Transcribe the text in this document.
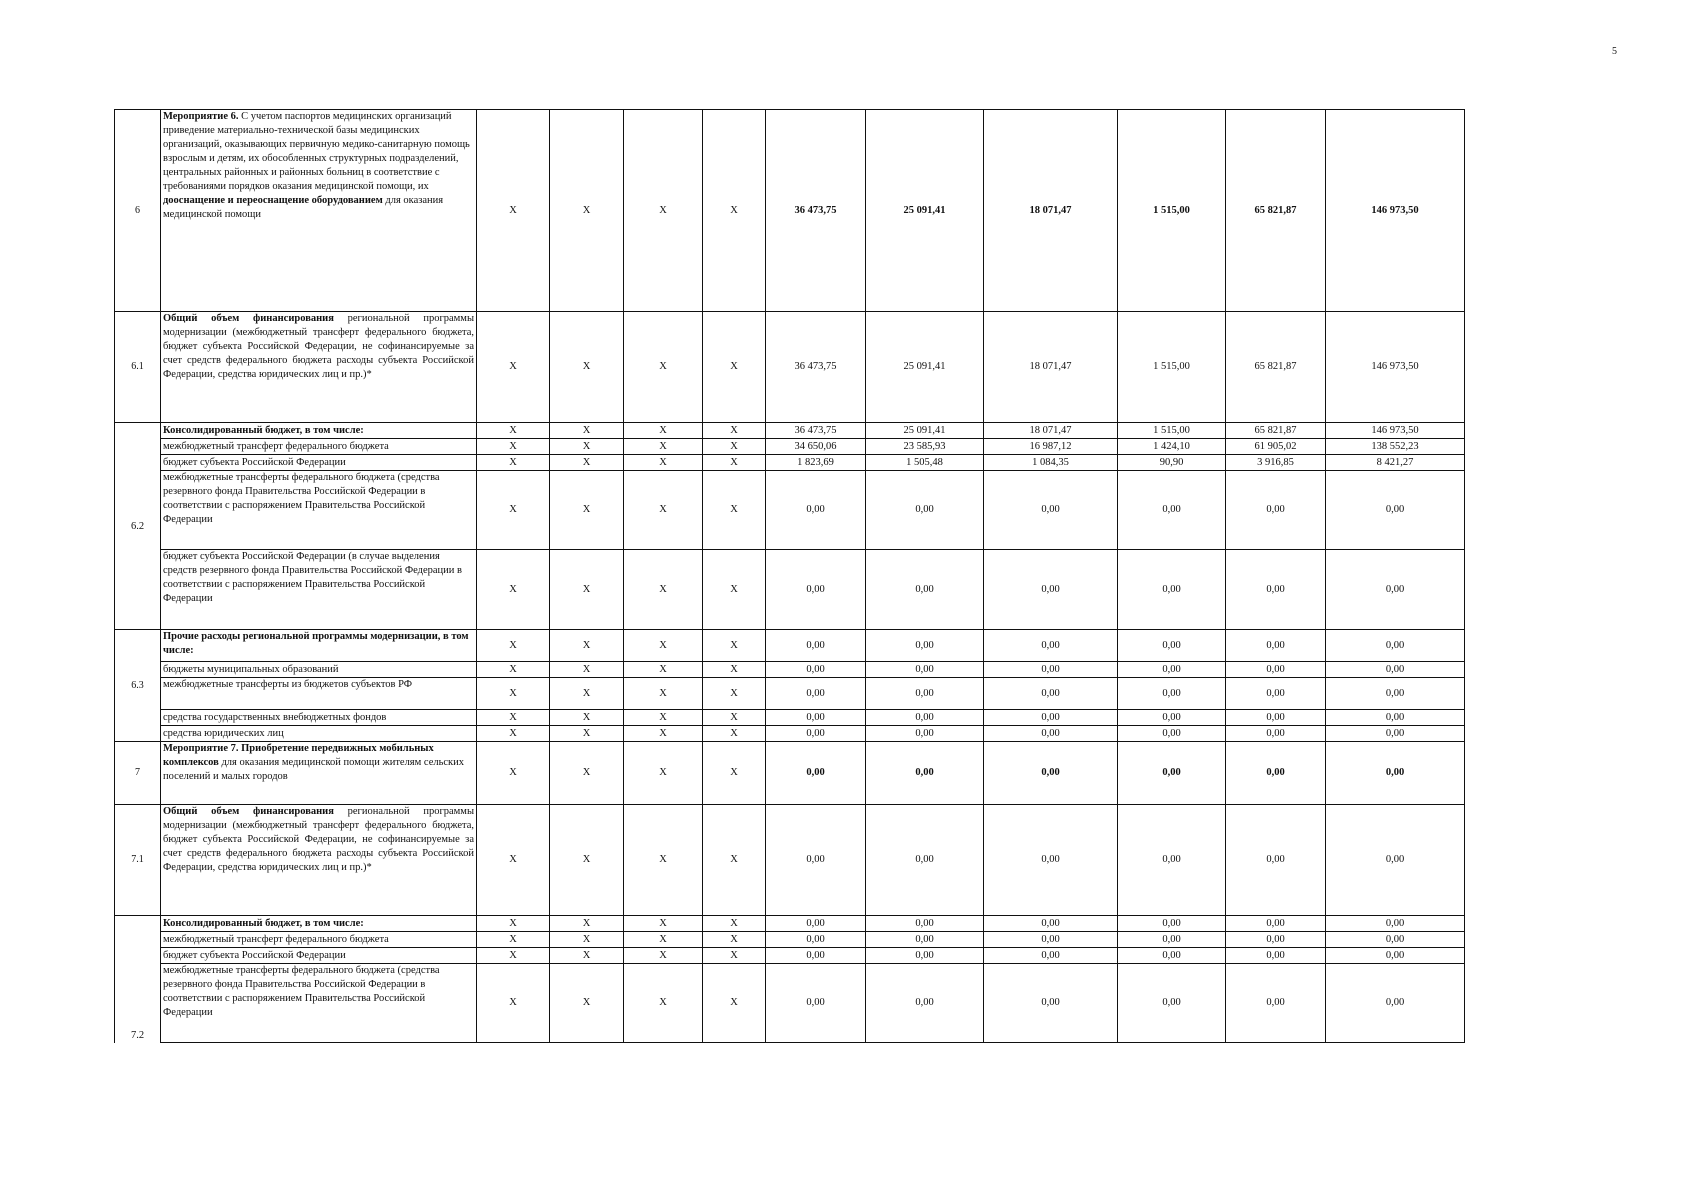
5
6	Мероприятие 6. С учетом паспортов медицинских организаций приведение материально-технической базы медицинских организаций, оказывающих первичную медико-санитарную помощь взрослым и детям, их обособленных структурных подразделений, центральных районных и районных больниц в соответствие с требованиями порядков оказания медицинской помощи, их дооснащение и переоснащение оборудованием для оказания медицинской помощи	X	X	X	X	36 473,75	25 091,41	18 071,47	1 515,00	65 821,87	146 973,50
6.1	Общий объем финансирования региональной программы модернизации (межбюджетный трансферт федерального бюджета, бюджет субъекта Российской Федерации, не софинансируемые за счет средств федерального бюджета расходы субъекта Российской Федерации, средства юридических лиц и пр.)*	X	X	X	X	36 473,75	25 091,41	18 071,47	1 515,00	65 821,87	146 973,50
6.2	Консолидированный бюджет, в том числе:	X	X	X	X	36 473,75	25 091,41	18 071,47	1 515,00	65 821,87	146 973,50
	межбюджетный трансферт федерального бюджета	X	X	X	X	34 650,06	23 585,93	16 987,12	1 424,10	61 905,02	138 552,23
	бюджет субъекта Российской Федерации	X	X	X	X	1 823,69	1 505,48	1 084,35	90,90	3 916,85	8 421,27
	межбюджетные трансферты федерального бюджета (средства резервного фонда Правительства Российской Федерации в соответствии с распоряжением Правительства Российской Федерации	X	X	X	X	0,00	0,00	0,00	0,00	0,00	0,00
	бюджет субъекта Российской Федерации (в случае выделения средств резервного фонда Правительства Российской Федерации в соответствии с распоряжением Правительства Российской Федерации	X	X	X	X	0,00	0,00	0,00	0,00	0,00	0,00
6.3	Прочие расходы региональной программы модернизации, в том числе:	X	X	X	X	0,00	0,00	0,00	0,00	0,00	0,00
	бюджеты муниципальных образований	X	X	X	X	0,00	0,00	0,00	0,00	0,00	0,00
	межбюджетные трансферты из бюджетов субъектов РФ	X	X	X	X	0,00	0,00	0,00	0,00	0,00	0,00
	средства государственных внебюджетных фондов	X	X	X	X	0,00	0,00	0,00	0,00	0,00	0,00
	средства юридических лиц	X	X	X	X	0,00	0,00	0,00	0,00	0,00	0,00
7	Мероприятие 7. Приобретение передвижных мобильных комплексов для оказания медицинской помощи жителям сельских поселений и малых городов	X	X	X	X	0,00	0,00	0,00	0,00	0,00	0,00
7.1	Общий объем финансирования региональной программы модернизации (межбюджетный трансферт федерального бюджета, бюджет субъекта Российской Федерации, не софинансируемые за счет средств федерального бюджета расходы субъекта Российской Федерации, средства юридических лиц и пр.)*	X	X	X	X	0,00	0,00	0,00	0,00	0,00	0,00
7.2	Консолидированный бюджет, в том числе:	X	X	X	X	0,00	0,00	0,00	0,00	0,00	0,00
	межбюджетный трансферт федерального бюджета	X	X	X	X	0,00	0,00	0,00	0,00	0,00	0,00
	бюджет субъекта Российской Федерации	X	X	X	X	0,00	0,00	0,00	0,00	0,00	0,00
	межбюджетные трансферты федерального бюджета (средства резервного фонда Правительства Российской Федерации в соответствии с распоряжением Правительства Российской Федерации	X	X	X	X	0,00	0,00	0,00	0,00	0,00	0,00
